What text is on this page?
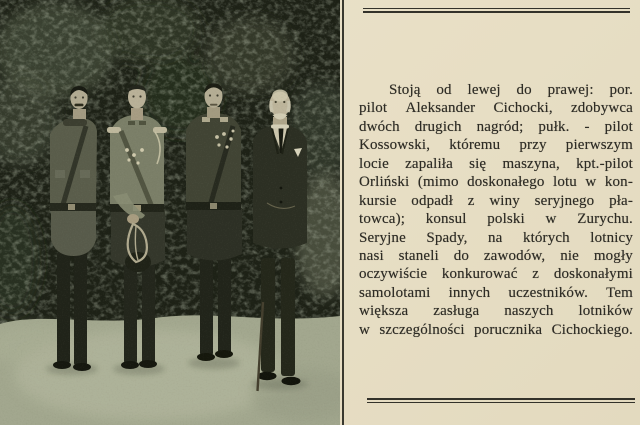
Stoją od lewej do prawej: por.
pilot Aleksander Cichocki, zdobywca
dwóch drugich nagród; pułk. - pilot
Kossowski, któremu przy pierwszym
locie zapaliła się maszyna, kpt.-pilot
Orliński (mimo doskonałego lotu w kon-
kursie odpadł z winy seryjnego pła-
towca); konsul polski w Zurychu.
Seryjne Spady, na których lotnicy
nasi staneli do zawodów, nie mogły
oczywiście konkurować z doskonałymi
samolotami innych uczestników. Tem
większa zasługa naszych lotników
w szczególności porucznika Cichockiego.
